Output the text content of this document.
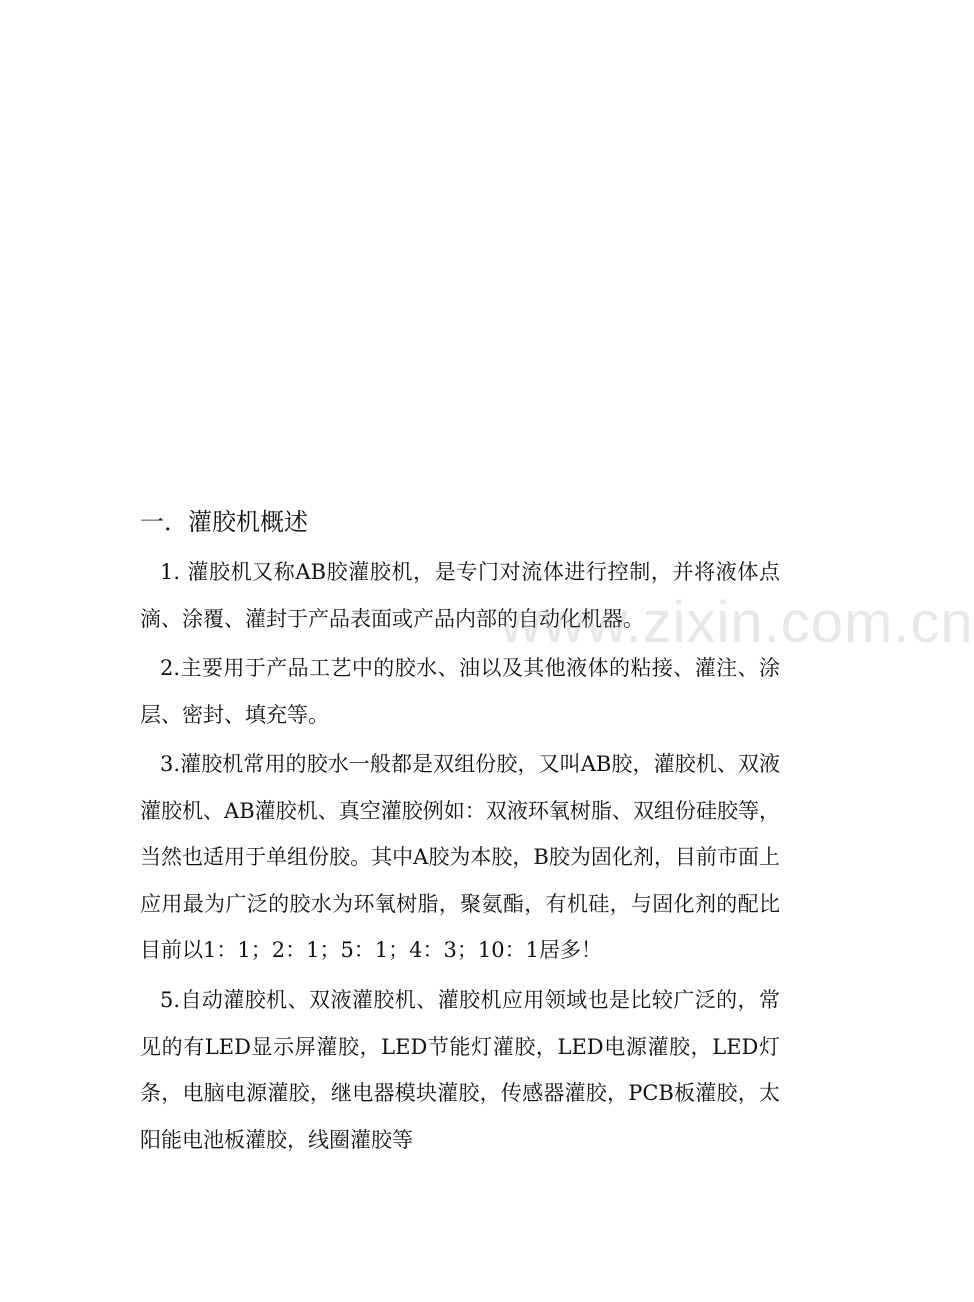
一．灌胶机概述

1. 灌胶机又称AB胶灌胶机，是专门对流体进行控制，并将液体点滴、涂覆、灌封于产品表面或产品内部的自动化机器。

2.主要用于产品工艺中的胶水、油以及其他液体的粘接、灌注、涂层、密封、填充等。

3.灌胶机常用的胶水一般都是双组份胶，又叫AB胶，灌胶机、双液灌胶机、AB灌胶机、真空灌胶例如：双液环氧树脂、双组份硅胶等，当然也适用于单组份胶。其中A胶为本胶，B胶为固化剂，目前市面上应用最为广泛的胶水为环氧树脂，聚氨酯，有机硅，与固化剂的配比目前以1：1；2：1；5：1；4：3；10：1居多！

5.自动灌胶机、双液灌胶机、灌胶机应用领域也是比较广泛的，常见的有LED显示屏灌胶，LED节能灯灌胶，LED电源灌胶，LED灯条，电脑电源灌胶，继电器模块灌胶，传感器灌胶，PCB板灌胶，太阳能电池板灌胶，线圈灌胶等

www.zixin.com.cn
